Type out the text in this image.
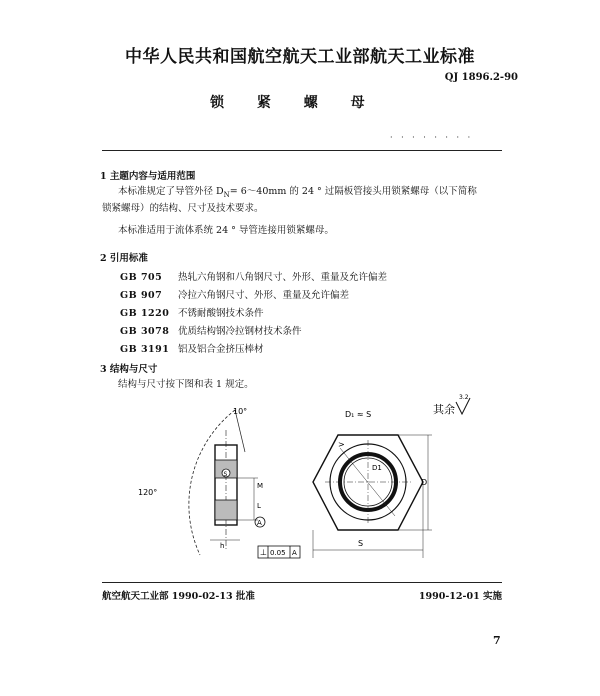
中华人民共和国航空航天工业部航天工业标准
QJ 1896.2-90
锁 紧 螺 母
· · · · · · · ·
1 主题内容与适用范围
本标准规定了导管外径 $D_N=$ 6～40mm 的 24 ° 过隔板管接头用锁紧螺母（以下简称
锁紧螺母）的结构、尺寸及技术要求。
本标准适用于流体系统 24 ° 导管连接用锁紧螺母。
2 引用标准
GB 705 热轧六角钢和八角钢尺寸、外形、重量及允许偏差
GB 907 冷拉六角钢尺寸、外形、重量及允许偏差
GB 1220 不锈耐酸钢技术条件
GB 3078 优质结构钢冷拉钢材技术条件
GB 3191 铝及铝合金挤压棒材
3 结构与尺寸
结构与尺寸按下图和表 1 规定。
10°
120°
S
M
L
A
h
⊥ 0.05 A
D1
>
D₁ ≈ S
D
S
其余
3.2
航空航天工业部 1990-02-13 批准	1990-12-01 实施
7
